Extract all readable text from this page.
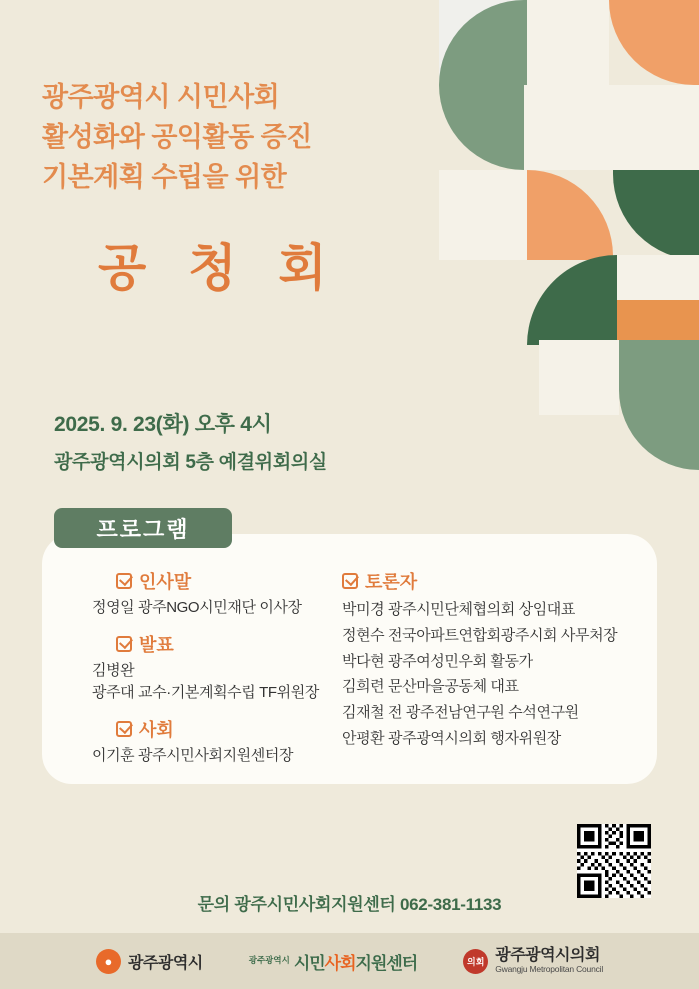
광주광역시 시민사회
활성화와 공익활동 증진
기본계획 수립을 위한
공 청 회
2025. 9. 23(화) 오후 4시
광주광역시의회 5층 예결위회의실
프로그램
인사말
정영일 광주NGO시민재단 이사장
발표
김병완
광주대 교수·기본계획수립 TF위원장
사회
이기훈 광주시민사회지원센터장
토론자
박미경 광주시민단체협의회 상임대표
정현수 전국아파트연합회광주시회 사무처장
박다현 광주여성민우회 활동가
김희련 문산마을공동체 대표
김재철 전 광주전남연구원 수석연구원
안평환 광주광역시의회 행자위원장
문의 광주시민사회지원센터 062-381-1133
● 광주광역시	광주광역시 시민사회지원센터	의회 광주광역시의회
Gwangju Metropolitan Council
